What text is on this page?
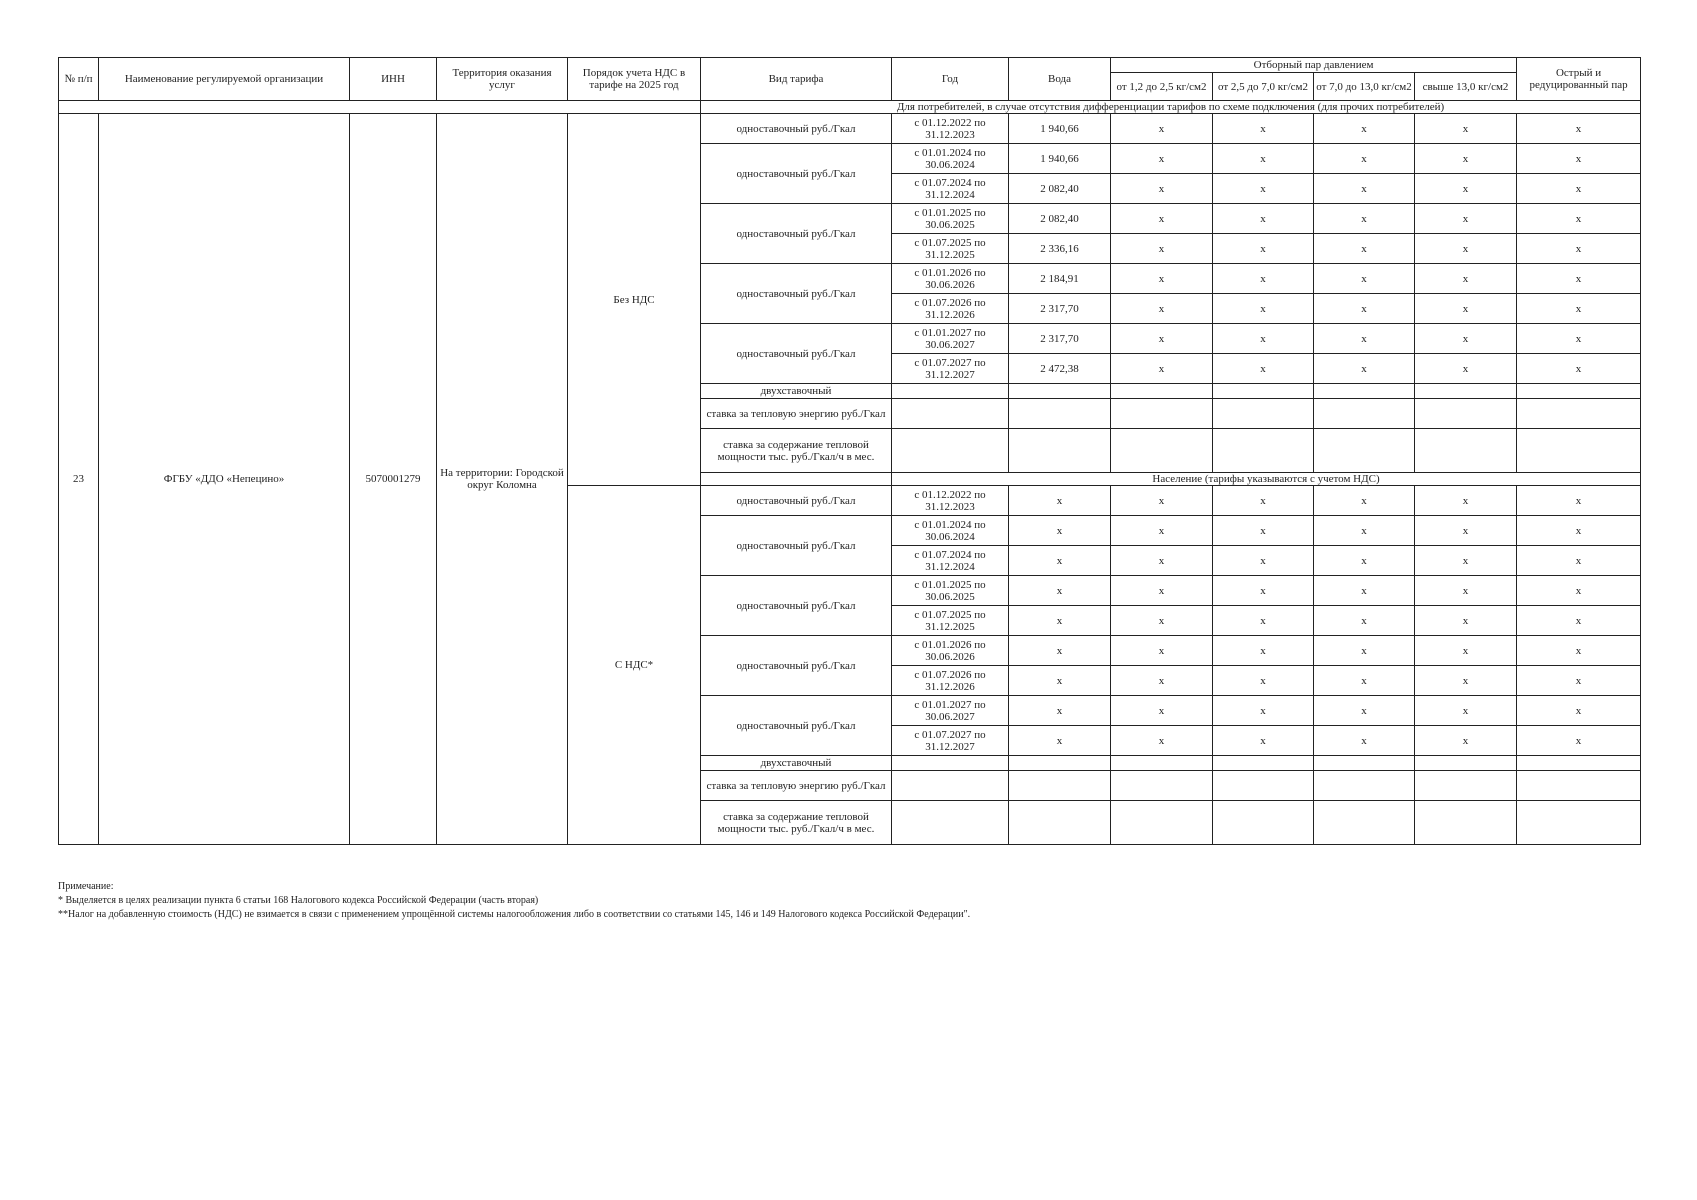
№ п/п	Наименование регулируемой организации	ИНН	Территория оказания услуг	Порядок учета НДС в тарифе на 2025 год	Вид тарифа	Год	Вода	Отборный пар давлением				Острый и редуцированный пар
								от 1,2 до 2,5 кг/см2	от 2,5 до 7,0 кг/см2	от 7,0 до 13,0 кг/см2	свыше 13,0 кг/см2	
					Для потребителей, в случае отсутствия дифференциации тарифов по схеме подключения (для прочих потребителей)							
23	ФГБУ «ДДО «Непецино»	5070001279	На территории: Городской округ Коломна	Без НДС	одноставочный руб./Гкал	с 01.12.2022 по 31.12.2023	1 940,66	x	x	x	x	x
					одноставочный руб./Гкал	с 01.01.2024 по 30.06.2024	1 940,66	x	x	x	x	x
						с 01.07.2024 по 31.12.2024	2 082,40	x	x	x	x	x
					одноставочный руб./Гкал	с 01.01.2025 по 30.06.2025	2 082,40	x	x	x	x	x
						с 01.07.2025 по 31.12.2025	2 336,16	x	x	x	x	x
					одноставочный руб./Гкал	с 01.01.2026 по 30.06.2026	2 184,91	x	x	x	x	x
						с 01.07.2026 по 31.12.2026	2 317,70	x	x	x	x	x
					одноставочный руб./Гкал	с 01.01.2027 по 30.06.2027	2 317,70	x	x	x	x	x
						с 01.07.2027 по 31.12.2027	2 472,38	x	x	x	x	x
					двухставочный							
					ставка за тепловую энергию руб./Гкал							
					ставка за содержание тепловой мощности тыс. руб./Гкал/ч в мес.							
						Население (тарифы указываются с учетом НДС)						
				С НДС*	одноставочный руб./Гкал	с 01.12.2022 по 31.12.2023	x	x	x	x	x	x
					одноставочный руб./Гкал	с 01.01.2024 по 30.06.2024	x	x	x	x	x	x
						с 01.07.2024 по 31.12.2024	x	x	x	x	x	x
					одноставочный руб./Гкал	с 01.01.2025 по 30.06.2025	x	x	x	x	x	x
						с 01.07.2025 по 31.12.2025	x	x	x	x	x	x
					одноставочный руб./Гкал	с 01.01.2026 по 30.06.2026	x	x	x	x	x	x
						с 01.07.2026 по 31.12.2026	x	x	x	x	x	x
					одноставочный руб./Гкал	с 01.01.2027 по 30.06.2027	x	x	x	x	x	x
						с 01.07.2027 по 31.12.2027	x	x	x	x	x	x
					двухставочный							
					ставка за тепловую энергию руб./Гкал							
					ставка за содержание тепловой мощности тыс. руб./Гкал/ч в мес.							
Примечание:
* Выделяется в целях реализации пункта 6 статьи 168 Налогового кодекса Российской Федерации (часть вторая)
**Налог на добавленную стоимость (НДС) не взимается в связи с применением упрощённой системы налогообложения либо в соответствии со статьями 145, 146 и 149 Налогового кодекса Российской Федерации".
